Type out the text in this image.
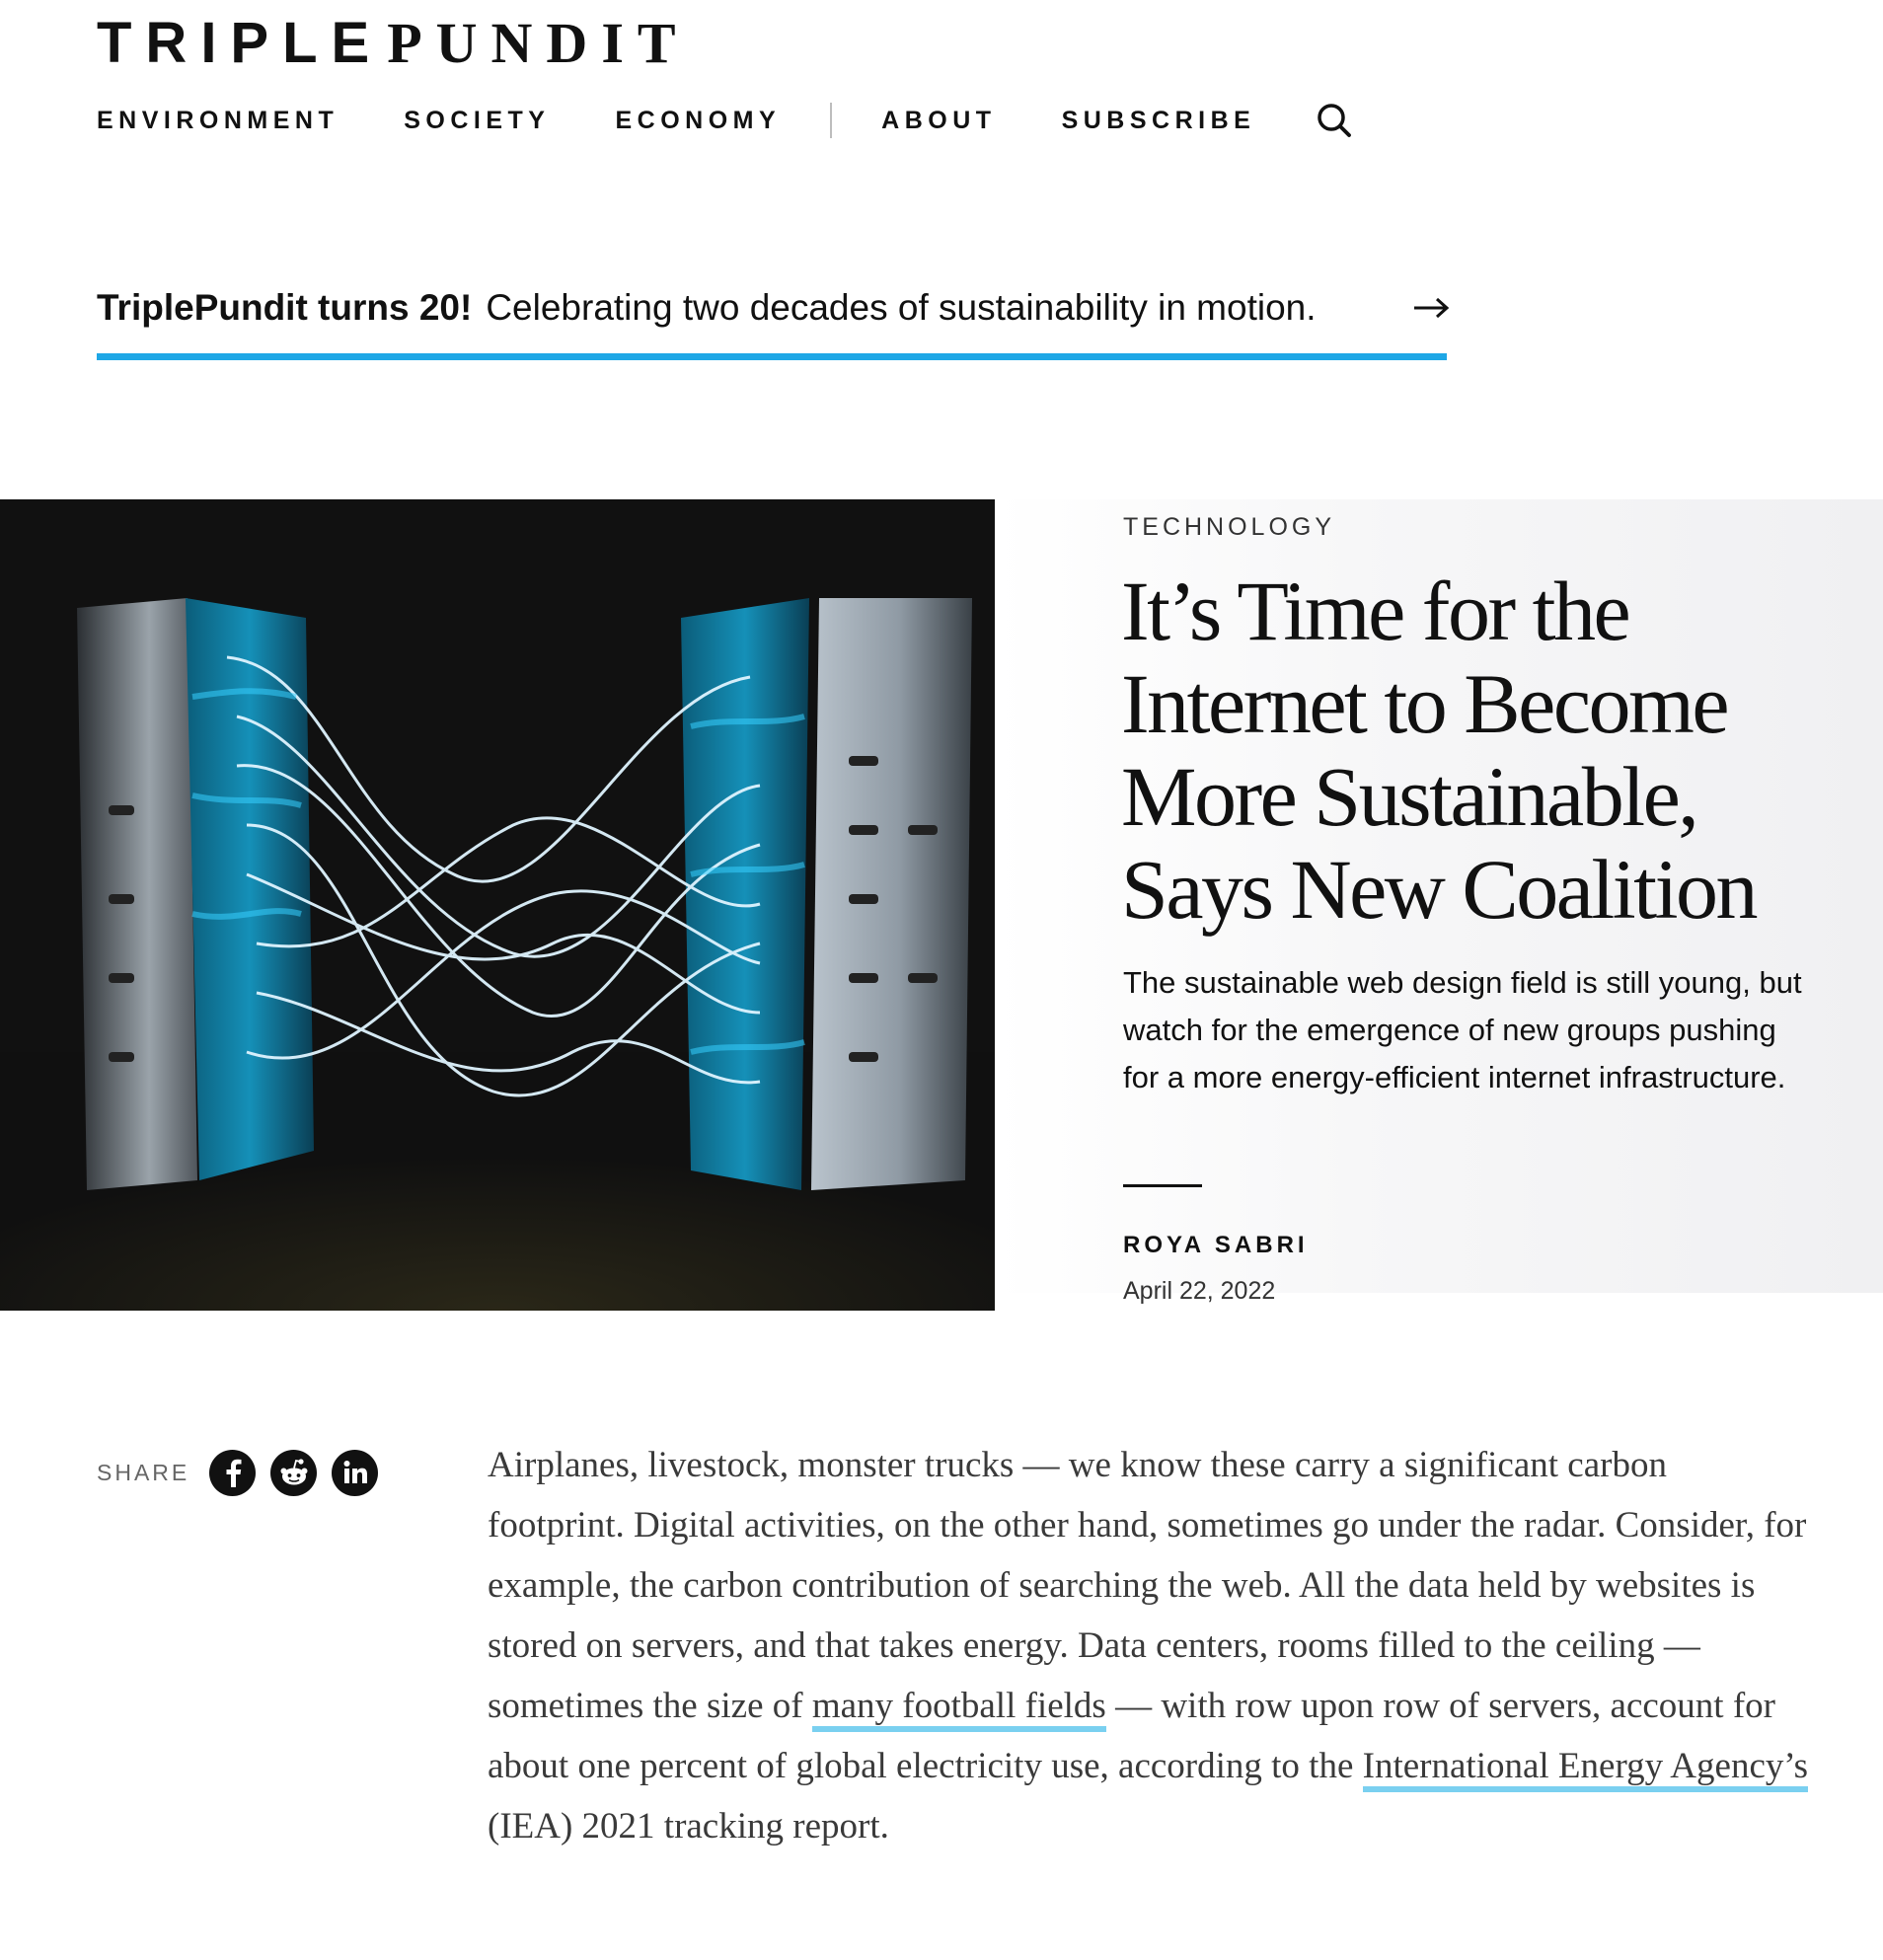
TRIPLEPUNDIT
ENVIRONMENT	SOCIETY	ECONOMY	ABOUT	SUBSCRIBE
TriplePundit turns 20! Celebrating two decades of sustainability in motion.
TECHNOLOGY
It’s Time for the Internet to Become More Sustainable, Says New Coalition

The sustainable web design field is still young, but watch for the emergence of new groups pushing for a more energy-efficient internet infrastructure.

ROYA SABRI
April 22, 2022
SHARE	Airplanes, livestock, monster trucks — we know these carry a significant carbon footprint. Digital activities, on the other hand, sometimes go under the radar. Consider, for example, the carbon contribution of searching the web. All the data held by websites is stored on servers, and that takes energy. Data centers, rooms filled to the ceiling — sometimes the size of many football fields — with row upon row of servers, account for about one percent of global electricity use, according to the International Energy Agency’s (IEA) 2021 tracking report.
